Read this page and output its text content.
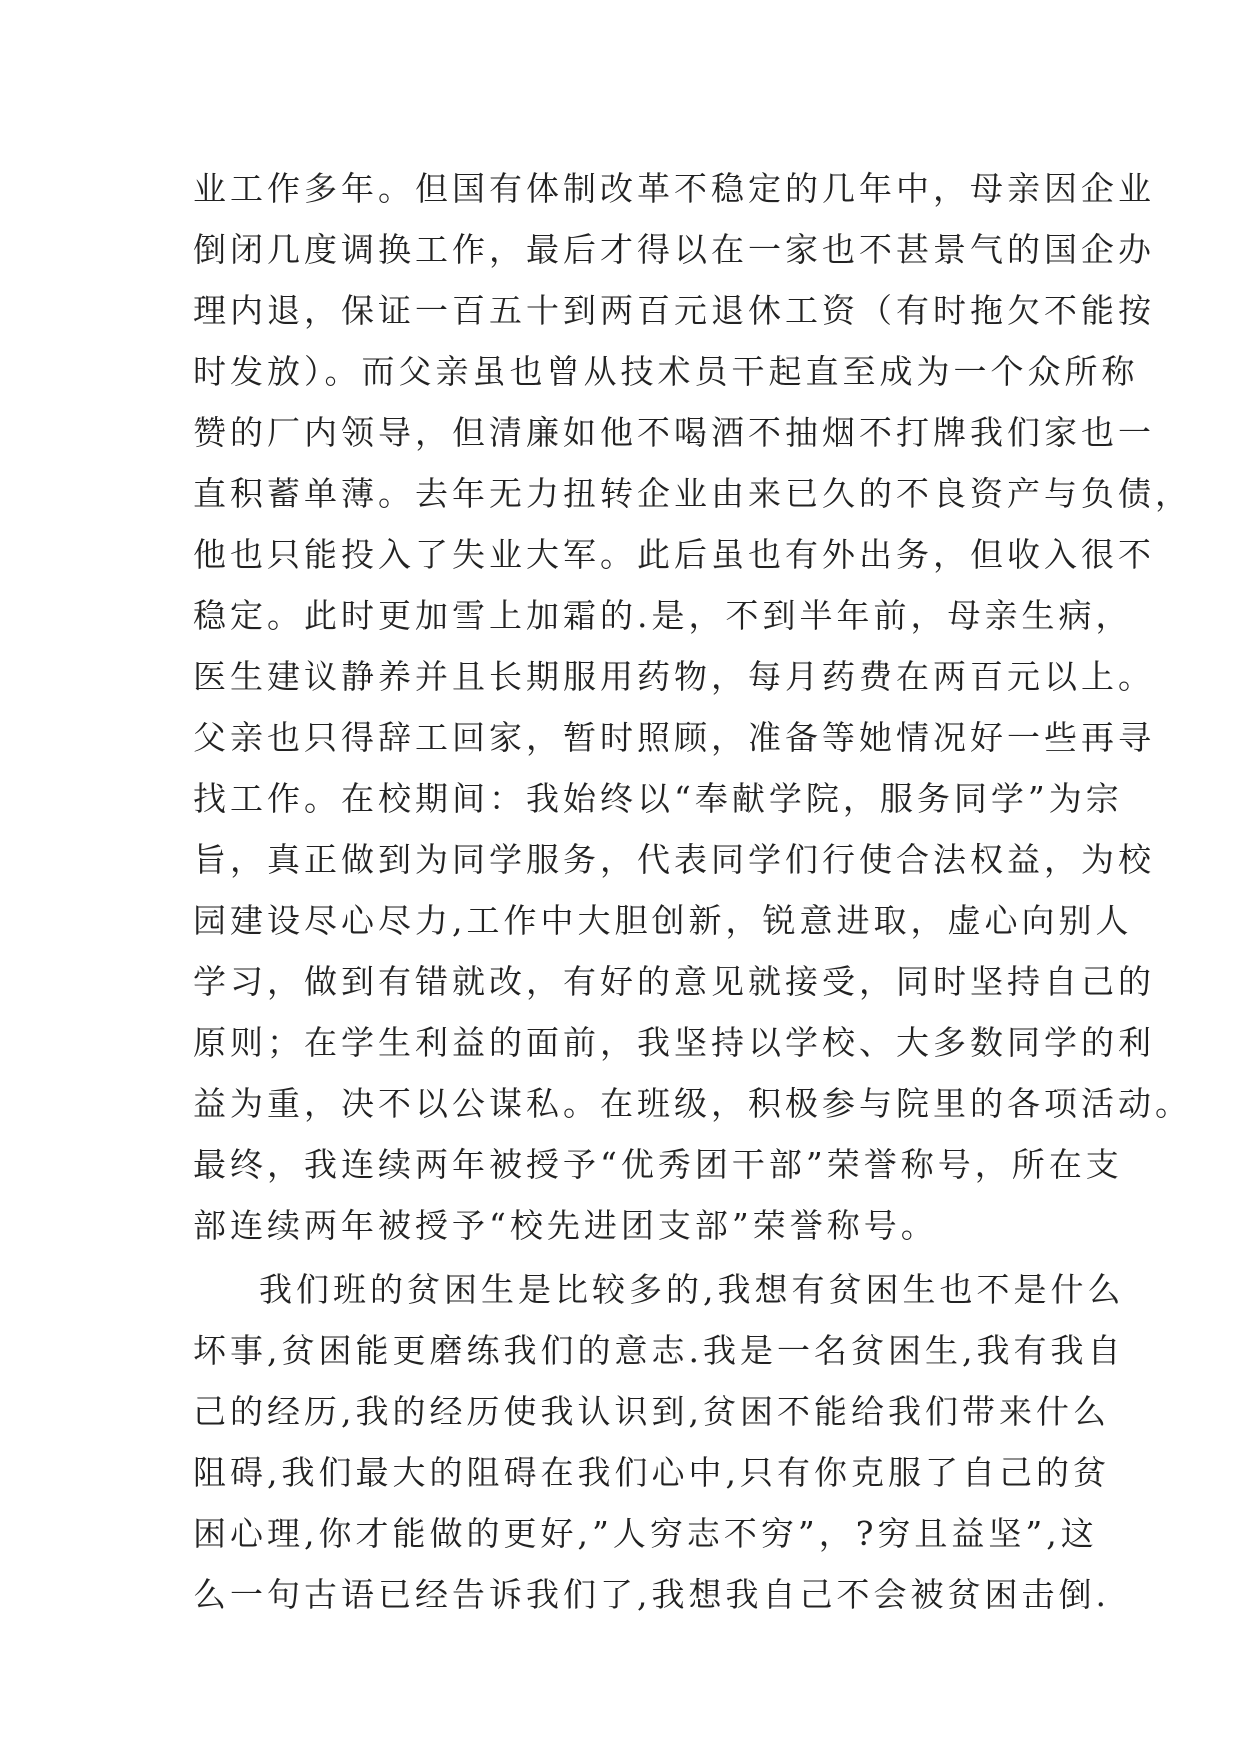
业工作多年。但国有体制改革不稳定的几年中，母亲因企业

倒闭几度调换工作，最后才得以在一家也不甚景气的国企办

理内退，保证一百五十到两百元退休工资（有时拖欠不能按

时发放）。而父亲虽也曾从技术员干起直至成为一个众所称

赞的厂内领导，但清廉如他不喝酒不抽烟不打牌我们家也一

直积蓄单薄。去年无力扭转企业由来已久的不良资产与负债，

他也只能投入了失业大军。此后虽也有外出务，但收入很不

稳定。此时更加雪上加霜的.是，不到半年前，母亲生病，

医生建议静养并且长期服用药物，每月药费在两百元以上。

父亲也只得辞工回家，暂时照顾，准备等她情况好一些再寻

找工作。在校期间：我始终以“奉献学院，服务同学”为宗

旨，真正做到为同学服务，代表同学们行使合法权益，为校

园建设尽心尽力,工作中大胆创新，锐意进取，虚心向别人

学习，做到有错就改，有好的意见就接受，同时坚持自己的

原则；在学生利益的面前，我坚持以学校、大多数同学的利

益为重，决不以公谋私。在班级，积极参与院里的各项活动。

最终，我连续两年被授予“优秀团干部”荣誉称号，所在支

部连续两年被授予“校先进团支部”荣誉称号。

我们班的贫困生是比较多的,我想有贫困生也不是什么

坏事,贫困能更磨练我们的意志.我是一名贫困生,我有我自

己的经历,我的经历使我认识到,贫困不能给我们带来什么

阻碍,我们最大的阻碍在我们心中,只有你克服了自己的贫

困心理,你才能做的更好,”人穷志不穷”，?穷且益坚”,这

么一句古语已经告诉我们了,我想我自己不会被贫困击倒.
